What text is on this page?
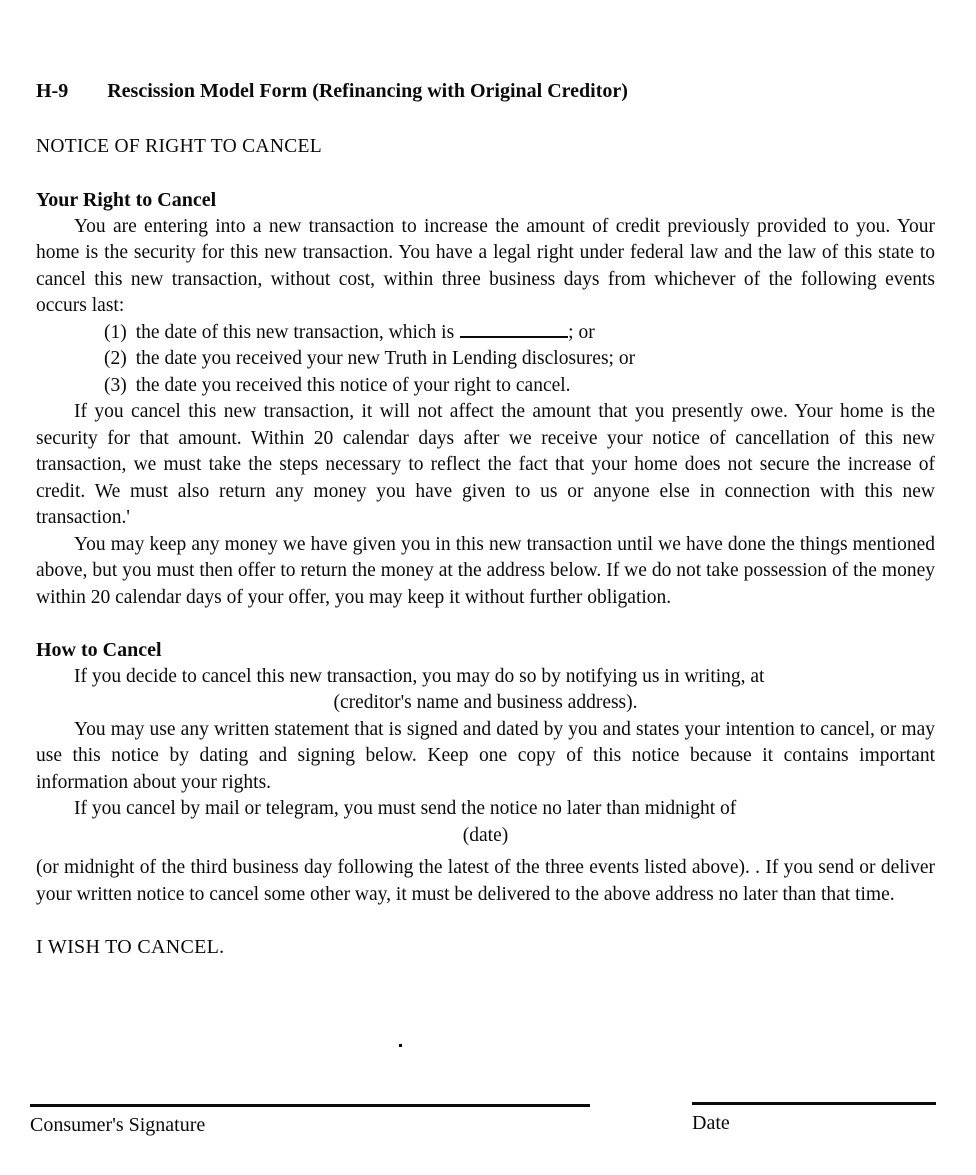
H-9 Rescission Model Form (Refinancing with Original Creditor)
NOTICE OF RIGHT TO CANCEL
Your Right to Cancel
You are entering into a new transaction to increase the amount of credit previously provided to you. Your home is the security for this new transaction. You have a legal right under federal law and the law of this state to cancel this new transaction, without cost, within three business days from whichever of the following events occurs last:
(1) the date of this new transaction, which is	; or
(2) the date you received your new Truth in Lending disclosures; or
(3) the date you received this notice of your right to cancel.
If you cancel this new transaction, it will not affect the amount that you presently owe. Your home is the security for that amount. Within 20 calendar days after we receive your notice of cancellation of this new transaction, we must take the steps necessary to reflect the fact that your home does not secure the increase of credit. We must also return any money you have given to us or anyone else in connection with this new transaction.'
You may keep any money we have given you in this new transaction until we have done the things mentioned above, but you must then offer to return the money at the address below. If we do not take possession of the money within 20 calendar days of your offer, you may keep it without further obligation.
How to Cancel
If you decide to cancel this new transaction, you may do so by notifying us in writing, at
(creditor's name and business address).
You may use any written statement that is signed and dated by you and states your intention to cancel, or may use this notice by dating and signing below. Keep one copy of this notice because it contains important information about your rights.
If you cancel by mail or telegram, you must send the notice no later than midnight of
(date)
(or midnight of the third business day following the latest of the three events listed above). . If you send or deliver your written notice to cancel some other way, it must be delivered to the above address no later than that time.
I WISH TO CANCEL.
Consumer's Signature	Date
